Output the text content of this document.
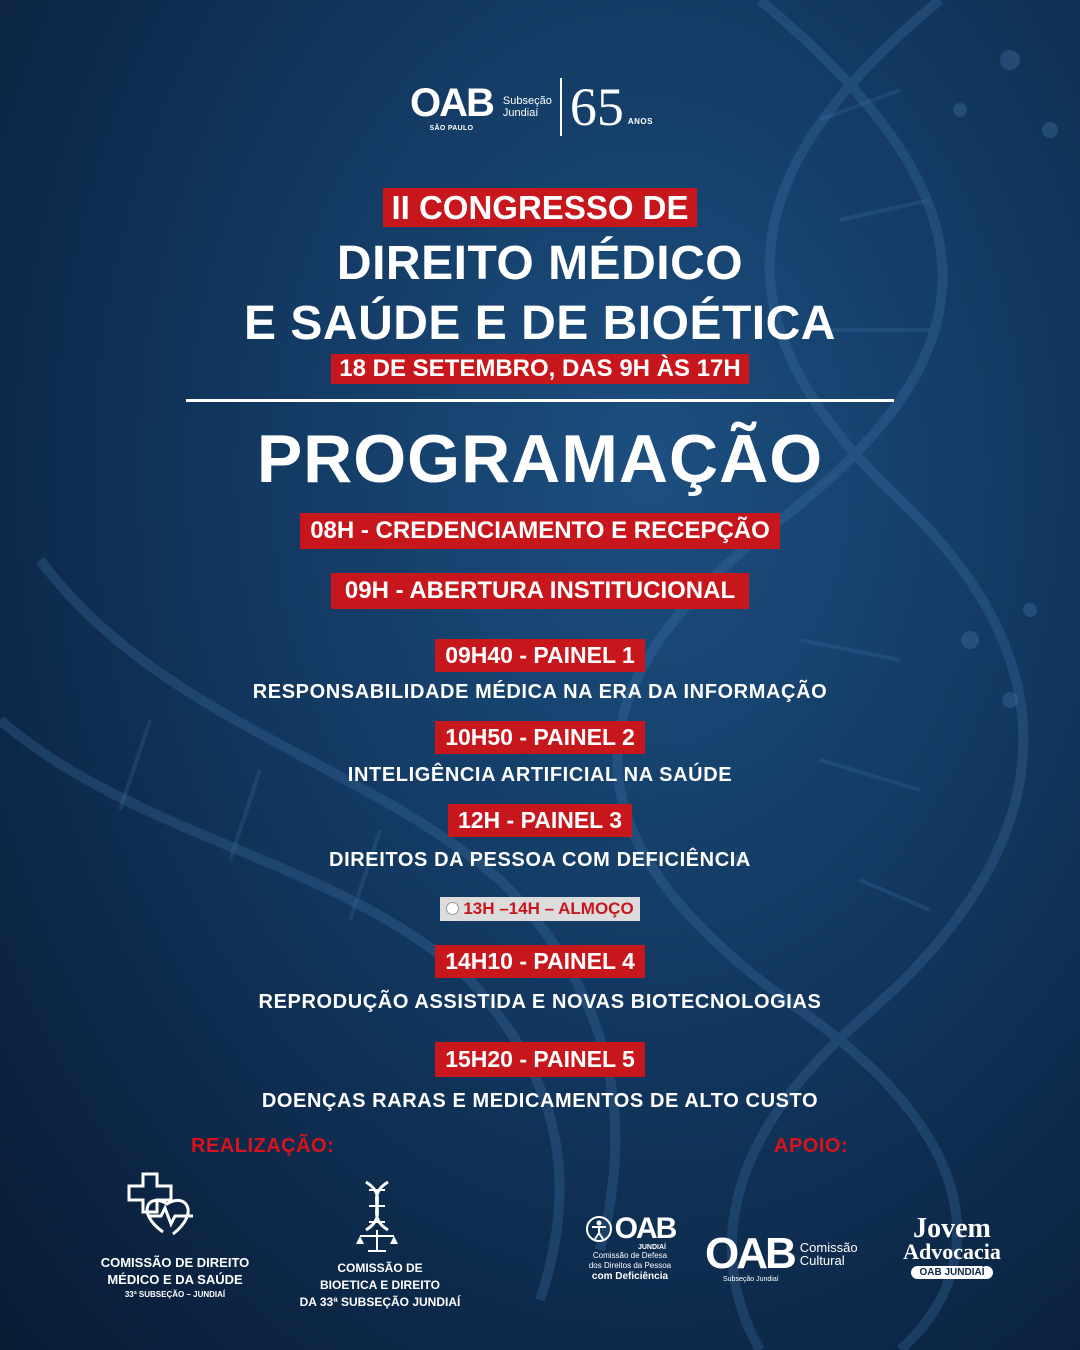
OAB
SÃO PAULO
Subseção
Jundiaí 65 ANOS
II CONGRESSO DE
DIREITO MÉDICO
E SAÚDE E DE BIOÉTICA
18 DE SETEMBRO, DAS 9H ÀS 17H
PROGRAMAÇÃO
08H - CREDENCIAMENTO E RECEPÇÃO
09H - ABERTURA INSTITUCIONAL
09H40 - PAINEL 1
RESPONSABILIDADE MÉDICA NA ERA DA INFORMAÇÃO
10H50 - PAINEL 2
INTELIGÊNCIA ARTIFICIAL NA SAÚDE
12H - PAINEL 3
DIREITOS DA PESSOA COM DEFICIÊNCIA
13H –14H – ALMOÇO
14H10 - PAINEL 4
REPRODUÇÃO ASSISTIDA E NOVAS BIOTECNOLOGIAS
15H20 - PAINEL 5
DOENÇAS RARAS E MEDICAMENTOS DE ALTO CUSTO
REALIZAÇÃO:	APOIO:
COMISSÃO DE DIREITO
MÉDICO E DA SAÚDE
33ª SUBSEÇÃO – JUNDIAÍ
COMISSÃO DE
BIOETICA E DIREITO
DA 33ª SUBSEÇÃO JUNDIAÍ
OAB
JUNDIAÍ
Comissão de Defesa
dos Direitos da Pessoa
com Deficiência OAB Comissão
Cultural
Subseção Jundiaí
Jovem
Advocacia
OAB JUNDIAÍ
